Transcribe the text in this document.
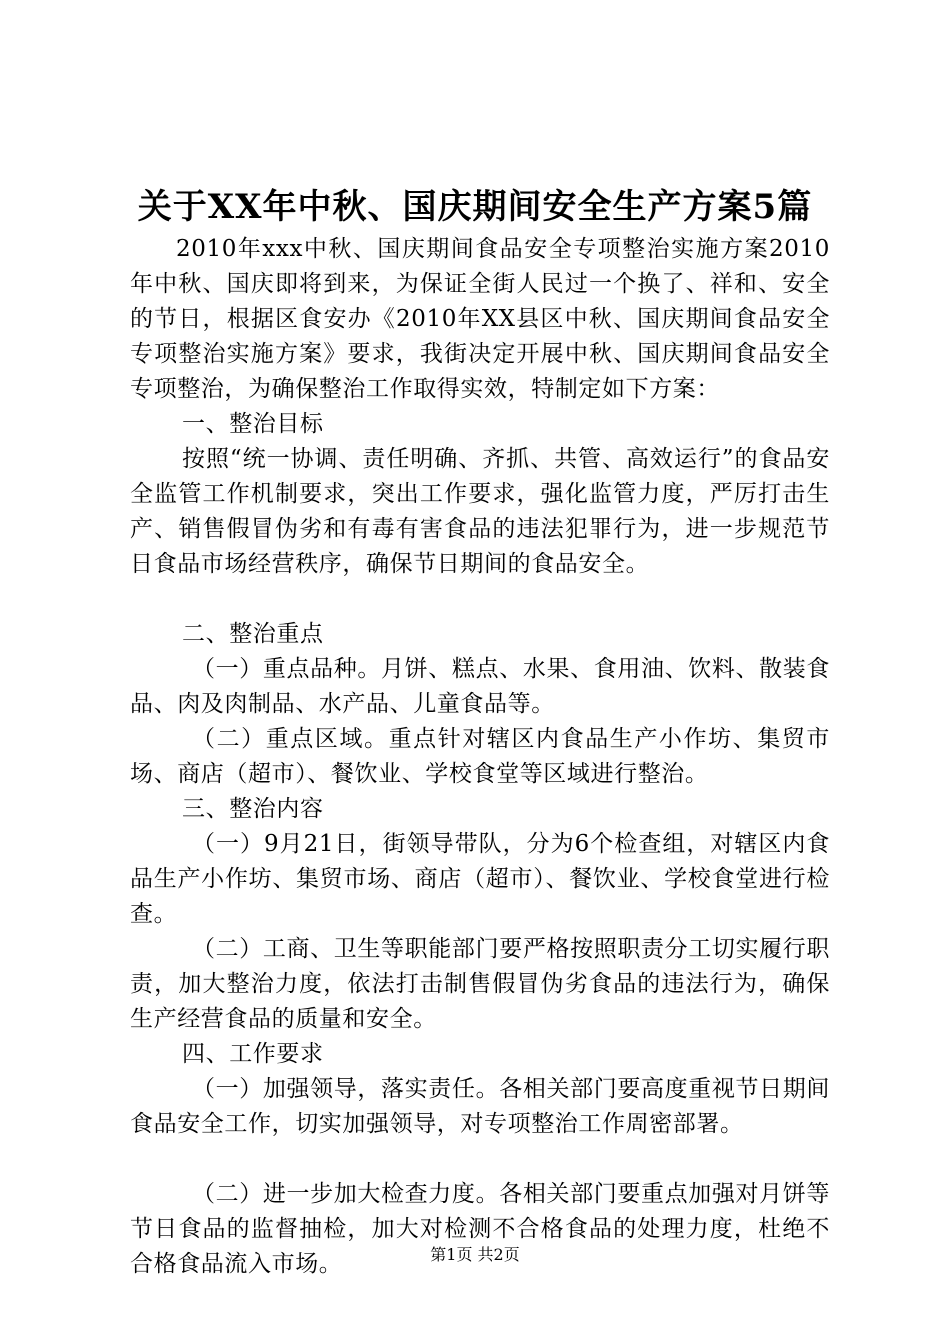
关于XX年中秋、国庆期间安全生产方案5篇
2010年xxx中秋、国庆期间食品安全专项整治实施方案2010年中秋、国庆即将到来，为保证全街人民过一个换了、祥和、安全的节日，根据区食安办《2010年XX县区中秋、国庆期间食品安全专项整治实施方案》要求，我街决定开展中秋、国庆期间食品安全专项整治，为确保整治工作取得实效，特制定如下方案：
一、整治目标
按照“统一协调、责任明确、齐抓、共管、高效运行”的食品安全监管工作机制要求，突出工作要求，强化监管力度，严厉打击生产、销售假冒伪劣和有毒有害食品的违法犯罪行为，进一步规范节日食品市场经营秩序，确保节日期间的食品安全。
二、整治重点
（一）重点品种。月饼、糕点、水果、食用油、饮料、散装食品、肉及肉制品、水产品、儿童食品等。
（二）重点区域。重点针对辖区内食品生产小作坊、集贸市场、商店（超市）、餐饮业、学校食堂等区域进行整治。
三、整治内容
（一）9月21日，街领导带队，分为6个检查组，对辖区内食品生产小作坊、集贸市场、商店（超市）、餐饮业、学校食堂进行检查。
（二）工商、卫生等职能部门要严格按照职责分工切实履行职责，加大整治力度，依法打击制售假冒伪劣食品的违法行为，确保生产经营食品的质量和安全。
四、工作要求
（一）加强领导，落实责任。各相关部门要高度重视节日期间食品安全工作，切实加强领导，对专项整治工作周密部署。
（二）进一步加大检查力度。各相关部门要重点加强对月饼等节日食品的监督抽检，加大对检测不合格食品的处理力度，杜绝不合格食品流入市场。	第1页 共2页
